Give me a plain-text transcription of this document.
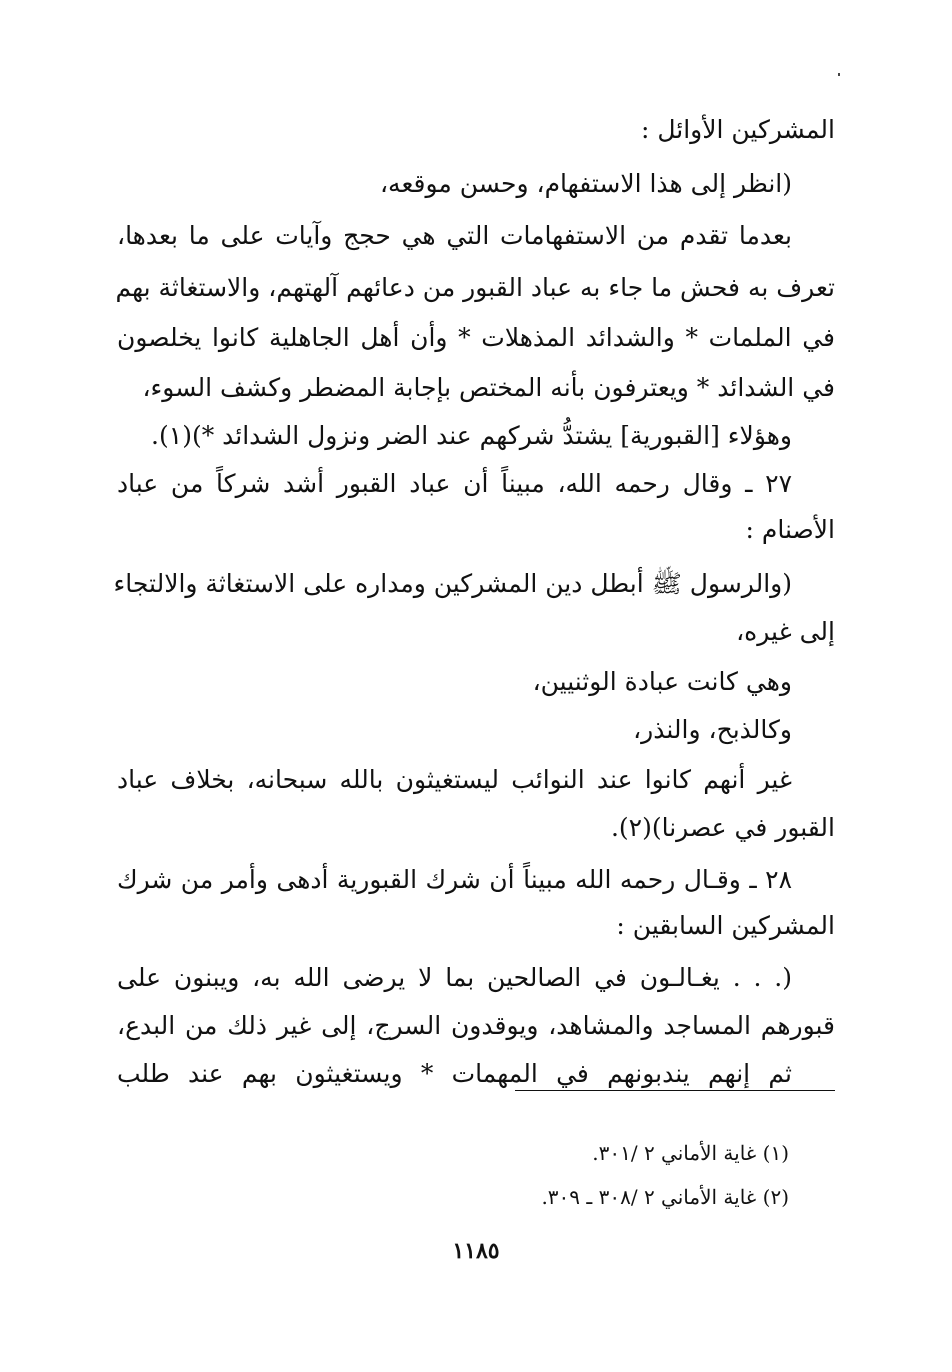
المشركين الأوائل :
(انظر إلى هذا الاستفهام، وحسن موقعه،
بعدما تقدم من الاستفهامات التي هي حجج وآيات على ما بعدها،
تعرف به فحش ما جاء به عباد القبور من دعائهم آلهتهم، والاستغاثة بهم
في الملمات * والشدائد المذهلات * وأن أهل الجاهلية كانوا يخلصون
في الشدائد * ويعترفون بأنه المختص بإجابة المضطر وكشف السوء،
وهؤلاء [القبورية] يشتدُّ شركهم عند الضر ونزول الشدائد *)(١).
٢٧ ـ وقال رحمه الله، مبيناً أن عباد القبور أشد شركاً من عباد
الأصنام :
(والرسول ﷺ أبطل دين المشركين ومداره على الاستغاثة والالتجاء
إلى غيره،
وهي كانت عبادة الوثنيين،
وكالذبح، والنذر،
غير أنهم كانوا عند النوائب ليستغيثون بالله سبحانه، بخلاف عباد
القبور في عصرنا)(٢).
٢٨ ـ وقـال رحمه الله مبيناً أن شرك القبورية أدهى وأمر من شرك
المشركين السابقين :
(. . . يغـالـون في الصالحين بما لا يرضى الله به، ويبنون على
قبورهم المساجد والمشاهد، ويوقدون السرج، إلى غير ذلك من البدع،
ثم إنهم يندبونهم في المهمات * ويستغيثون بهم عند طلب
(١) غاية الأماني ٢ /٣٠١.
(٢) غاية الأماني ٢ /٣٠٨ ـ ٣٠٩.
١١٨٥
